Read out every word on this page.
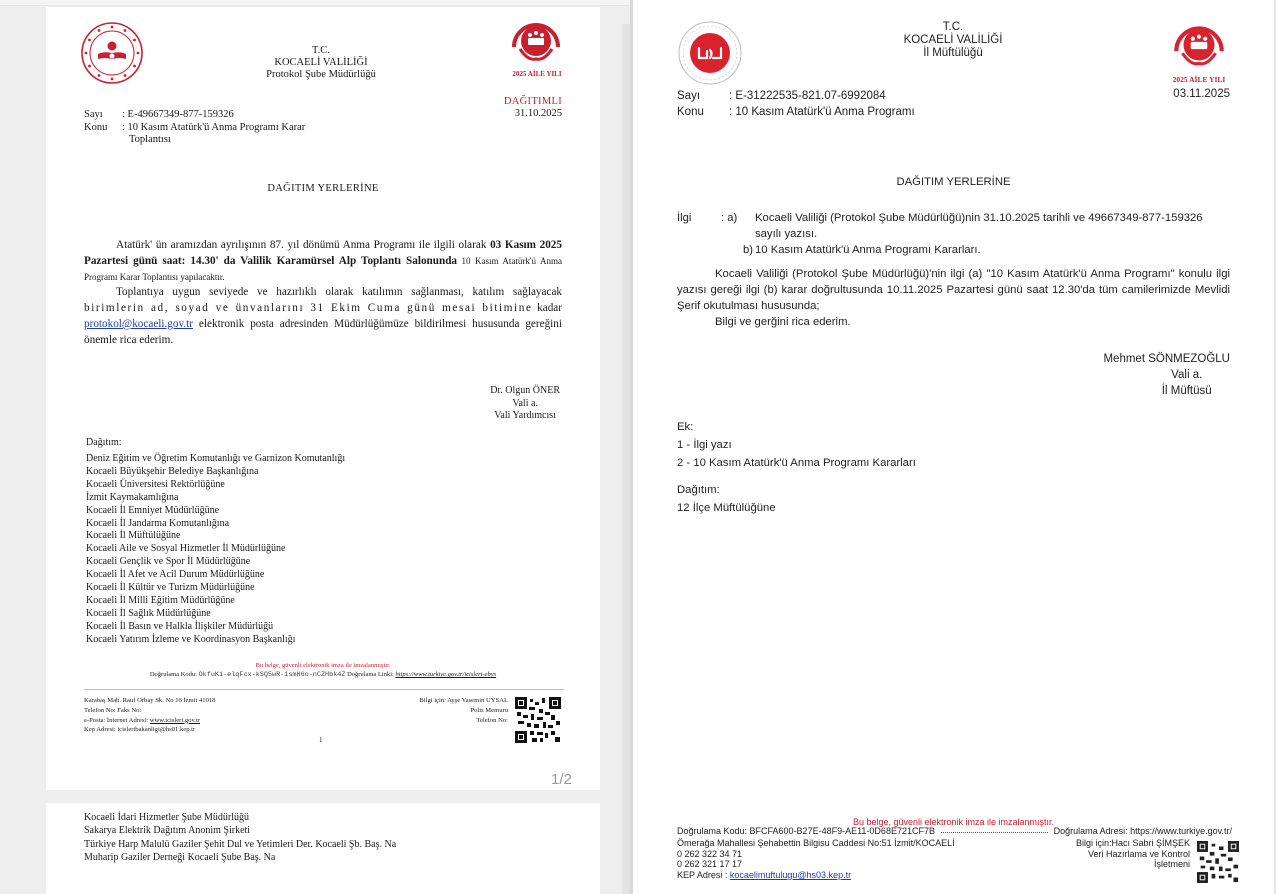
2025 AİLE YILI
T.C.
KOCAELİ VALİLİĞİ
Protokol Şube Müdürlüğü
DAĞITIMLI
31.10.2025
Sayı	: E-49667349-877-159326
Konu	: 10 Kasım Atatürk'ü Anma Programı Karar
Toplantısı
DAĞITIM YERLERİNE

Atatürk' ün aramızdan ayrılışının 87. yıl dönümü Anma Programı ile ilgili olarak 03 Kasım 2025 Pazartesi günü saat: 14.30' da Valilik Karamürsel Alp Toplantı Salonunda 10 Kasım Atatürk'ü Anma Programı Karar Toplantısı yapılacaktır.

Toplantıya uygun seviyede ve hazırlıklı olarak katılımın sağlanması, katılım sağlayacak birimlerin ad, soyad ve ünvanlarını 31 Ekim Cuma günü mesai bitimine kadar protokol@kocaeli.gov.tr elektronik posta adresinden Müdürlüğümüze bildirilmesi hususunda gereğini önemle rica ederim.

Dr. Olgun ÖNER
Vali a.
Vali Yardımcısı
Dağıtım:
Deniz Eğitim ve Öğretim Komutanlığı ve Garnizon Komutanlığı
Kocaeli Büyükşehir Belediye Başkanlığına
Kocaeli Üniversitesi Rektörlüğüne
İzmit Kaymakamlığına
Kocaeli İl Emniyet Müdürlüğüne
Kocaeli İl Jandarma Komutanlığına
Kocaeli İl Müftülüğüne
Kocaeli Aile ve Sosyal Hizmetler İl Müdürlüğüne
Kocaeli Gençlik ve Spor İl Müdürlüğüne
Kocaeli İl Afet ve Acil Durum Müdürlüğüne
Kocaeli İl Kültür ve Turizm Müdürlüğüne
Kocaeli İl Milli Eğitim Müdürlüğüne
Kocaeli İl Sağlık Müdürlüğüne
Kocaeli İl Basın ve Halkla İlişkiler Müdürlüğü
Kocaeli Yatırım İzleme ve Koordinasyon Başkanlığı
Bu belge, güvenli elektronik imza ile imzalanmıştır.
Doğrulama Kodu: OkfuK1-elqFcx-kSQ5wR-1smH6o-nCZHbk4Z Doğrulama Linki: https://www.turkiye.gov.tr/icisleri-ebys
Karabaş Mah. Rauf Orbay Sk. No 16 İzmit 41018
Telefon No: Faks No:
e-Posta: İnternet Adresi: www.icisleri.gov.tr
Kep Adresi: icisleribakanligi@hs01.kep.tr
Bilgi için: Ayşe Yasemin UYSAL
Polis Memuru
Telefon No:
1
1/2
Kocaeli İdari Hizmetler Şube Müdürlüğü
Sakarya Elektrik Dağıtım Anonim Şirketi
Türkiye Harp Malulü Gaziler Şehit Dul ve Yetimleri Der. Kocaeli Şb. Baş. Na
Muharip Gaziler Derneği Kocaeli Şube Baş. Na
2025 AİLE YILI
T.C.
KOCAELİ VALİLİĞİ
İl Müftülüğü
Sayı	: E-31222535-821.07-6992084
Konu	: 10 Kasım Atatürk'ü Anma Programı
03.11.2025
DAĞITIM YERLERİNE
İlgi	: a)	Kocaeli Valiliği (Protokol Şube Müdürlüğü)nin 31.10.2025 tarihli ve 49667349-877-159326
sayılı yazısı.
b) 10 Kasım Atatürk'ü Anma Programı Kararları.

Kocaeli Valiliği (Protokol Şube Müdürlüğü)'nin ilgi (a) "10 Kasım Atatürk'ü Anma Programı" konulu ilgi yazısı gereği ilgi (b) karar doğrultusunda 10.11.2025 Pazartesi günü saat 12.30'da tüm camilerimizde Mevlidi Şerif okutulması hususunda;

Bilgi ve gerğini rica ederim.

Mehmet SÖNMEZOĞLU
Vali a.
İl Müftüsü
Ek:
1 - İlgi yazı
2 - 10 Kasım Atatürk'ü Anma Programı Kararları
Dağıtım:
12 İlçe Müftülüğüne
Bu belge, güvenli elektronik imza ile imzalanmıştır.
Doğrulama Kodu: BFCFA600-B27E-48F9-AE11-0D68E721CF7B	Doğrulama Adresi: https://www.turkiye.gov.tr/
Ömerağa Mahallesi Şehabettin Bilgisu Caddesi No:51 İzmit/KOCAELİ
0 262 322 34 71
0 262 321 17 17
KEP Adresi : kocaelimuftulugu@hs03.kep.tr
Bilgi için:Hacı Sabri ŞİMŞEK
Veri Hazırlama ve Kontrol
İşletmeni
